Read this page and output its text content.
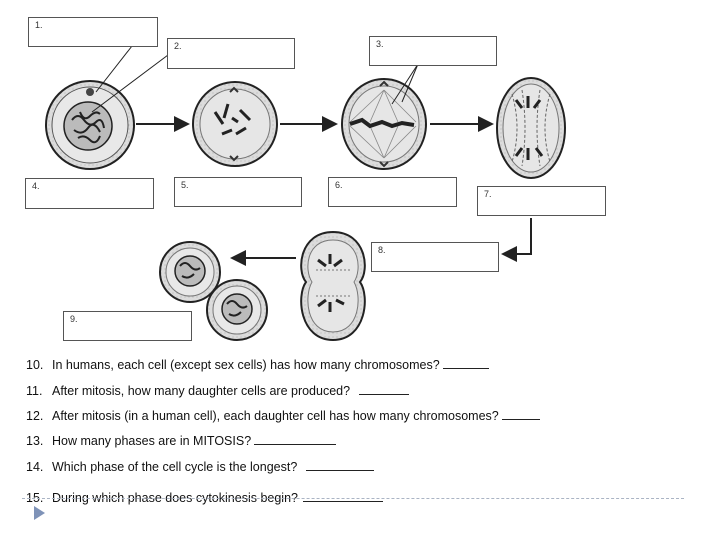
1.
2.	3.
4.	5.	6.
7.
8.
9.
10. In humans, each cell (except sex cells) has how many chromosomes?
11. After mitosis, how many daughter cells are produced?
12. After mitosis (in a human cell), each daughter cell has how many chromosomes?
13. How many phases are in MITOSIS?
14. Which phase of the cell cycle is the longest?
15. During which phase does cytokinesis begin?
